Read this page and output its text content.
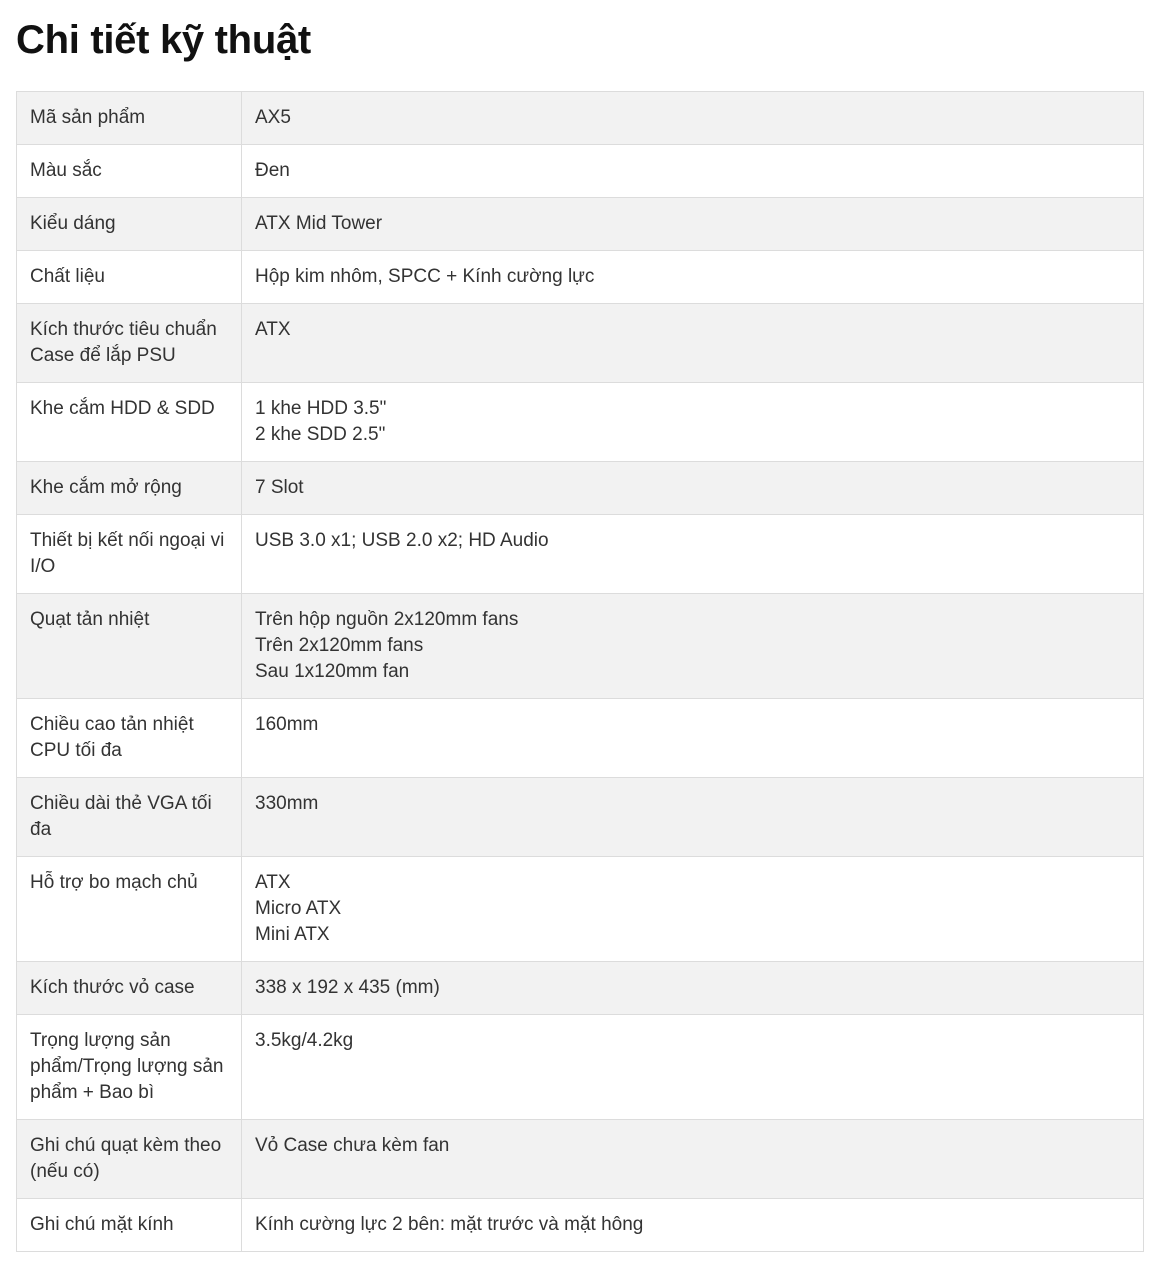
Chi tiết kỹ thuật
Mã sản phẩm	AX5

Màu sắc	Đen

Kiểu dáng	ATX Mid Tower

Chất liệu	Hộp kim nhôm, SPCC + Kính cường lực

Kích thước tiêu chuẩn Case để lắp PSU	ATX

Khe cắm HDD & SDD	1 khe HDD 3.5"
2 khe SDD 2.5"

Khe cắm mở rộng	7 Slot

Thiết bị kết nối ngoại vi I/O	USB 3.0 x1; USB 2.0 x2; HD Audio

Quạt tản nhiệt	Trên hộp nguồn 2x120mm fans
Trên 2x120mm fans
Sau 1x120mm fan

Chiều cao tản nhiệt CPU tối đa	160mm

Chiều dài thẻ VGA tối đa	330mm

Hỗ trợ bo mạch chủ	ATX
Micro ATX
Mini ATX

Kích thước vỏ case	338 x 192 x 435 (mm)

Trọng lượng sản phẩm/Trọng lượng sản phẩm + Bao bì	3.5kg/4.2kg

Ghi chú quạt kèm theo (nếu có)	Vỏ Case chưa kèm fan

Ghi chú mặt kính	Kính cường lực 2 bên: mặt trước và mặt hông
